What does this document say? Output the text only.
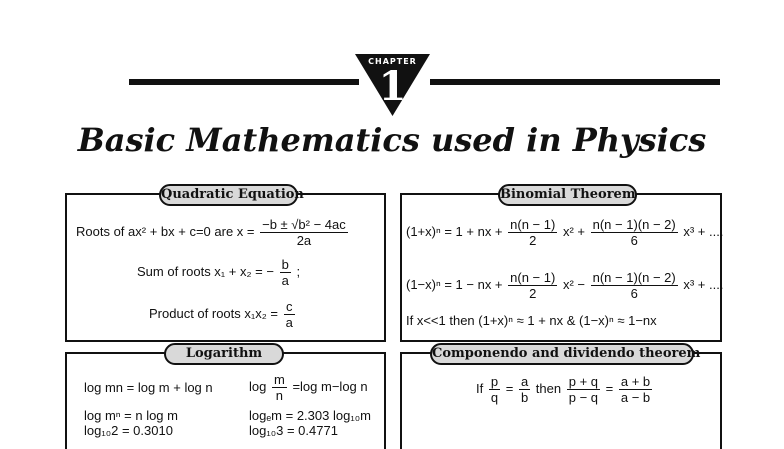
CHAPTER
1
Basic Mathematics used in Physics
Quadratic Equation
Roots of ax² + bx + c=0 are $x = \frac{\text{−b ± √b² − 4ac}}{2a}$
Sum of roots x₁ + x₂ = − $\frac{b}{a}$ ;
Product of roots $x_1x_2 = \frac{c}{a}$
Binomial Theorem
(1+x)ⁿ = 1 + nx + $\frac{n(n - 1)}{2} x^2 + \frac{n(n - 1)(n - 2)}{6} x^3$ + ....
(1−x)ⁿ = 1 − nx + $\frac{n(n - 1)}{2} x^2 - \frac{n(n - 1)(n - 2)}{6} x^3$ + ....
If x<<1 then (1+x)ⁿ ≈ 1 + nx & (1−x)ⁿ ≈ 1−nx
Logarithm
log mn = log m + log n	$\log \frac{m}{n} =\log$ m−log n
log mⁿ = n log m	logₑm = 2.303 log₁₀m
log₁₀2 = 0.3010	log₁₀3 = 0.4771
Componendo and dividendo theorem
If $\frac{p}{q} = \frac{a}{b}$ then $\frac{p + q}{p - q} = \frac{a + b}{a - b}$
